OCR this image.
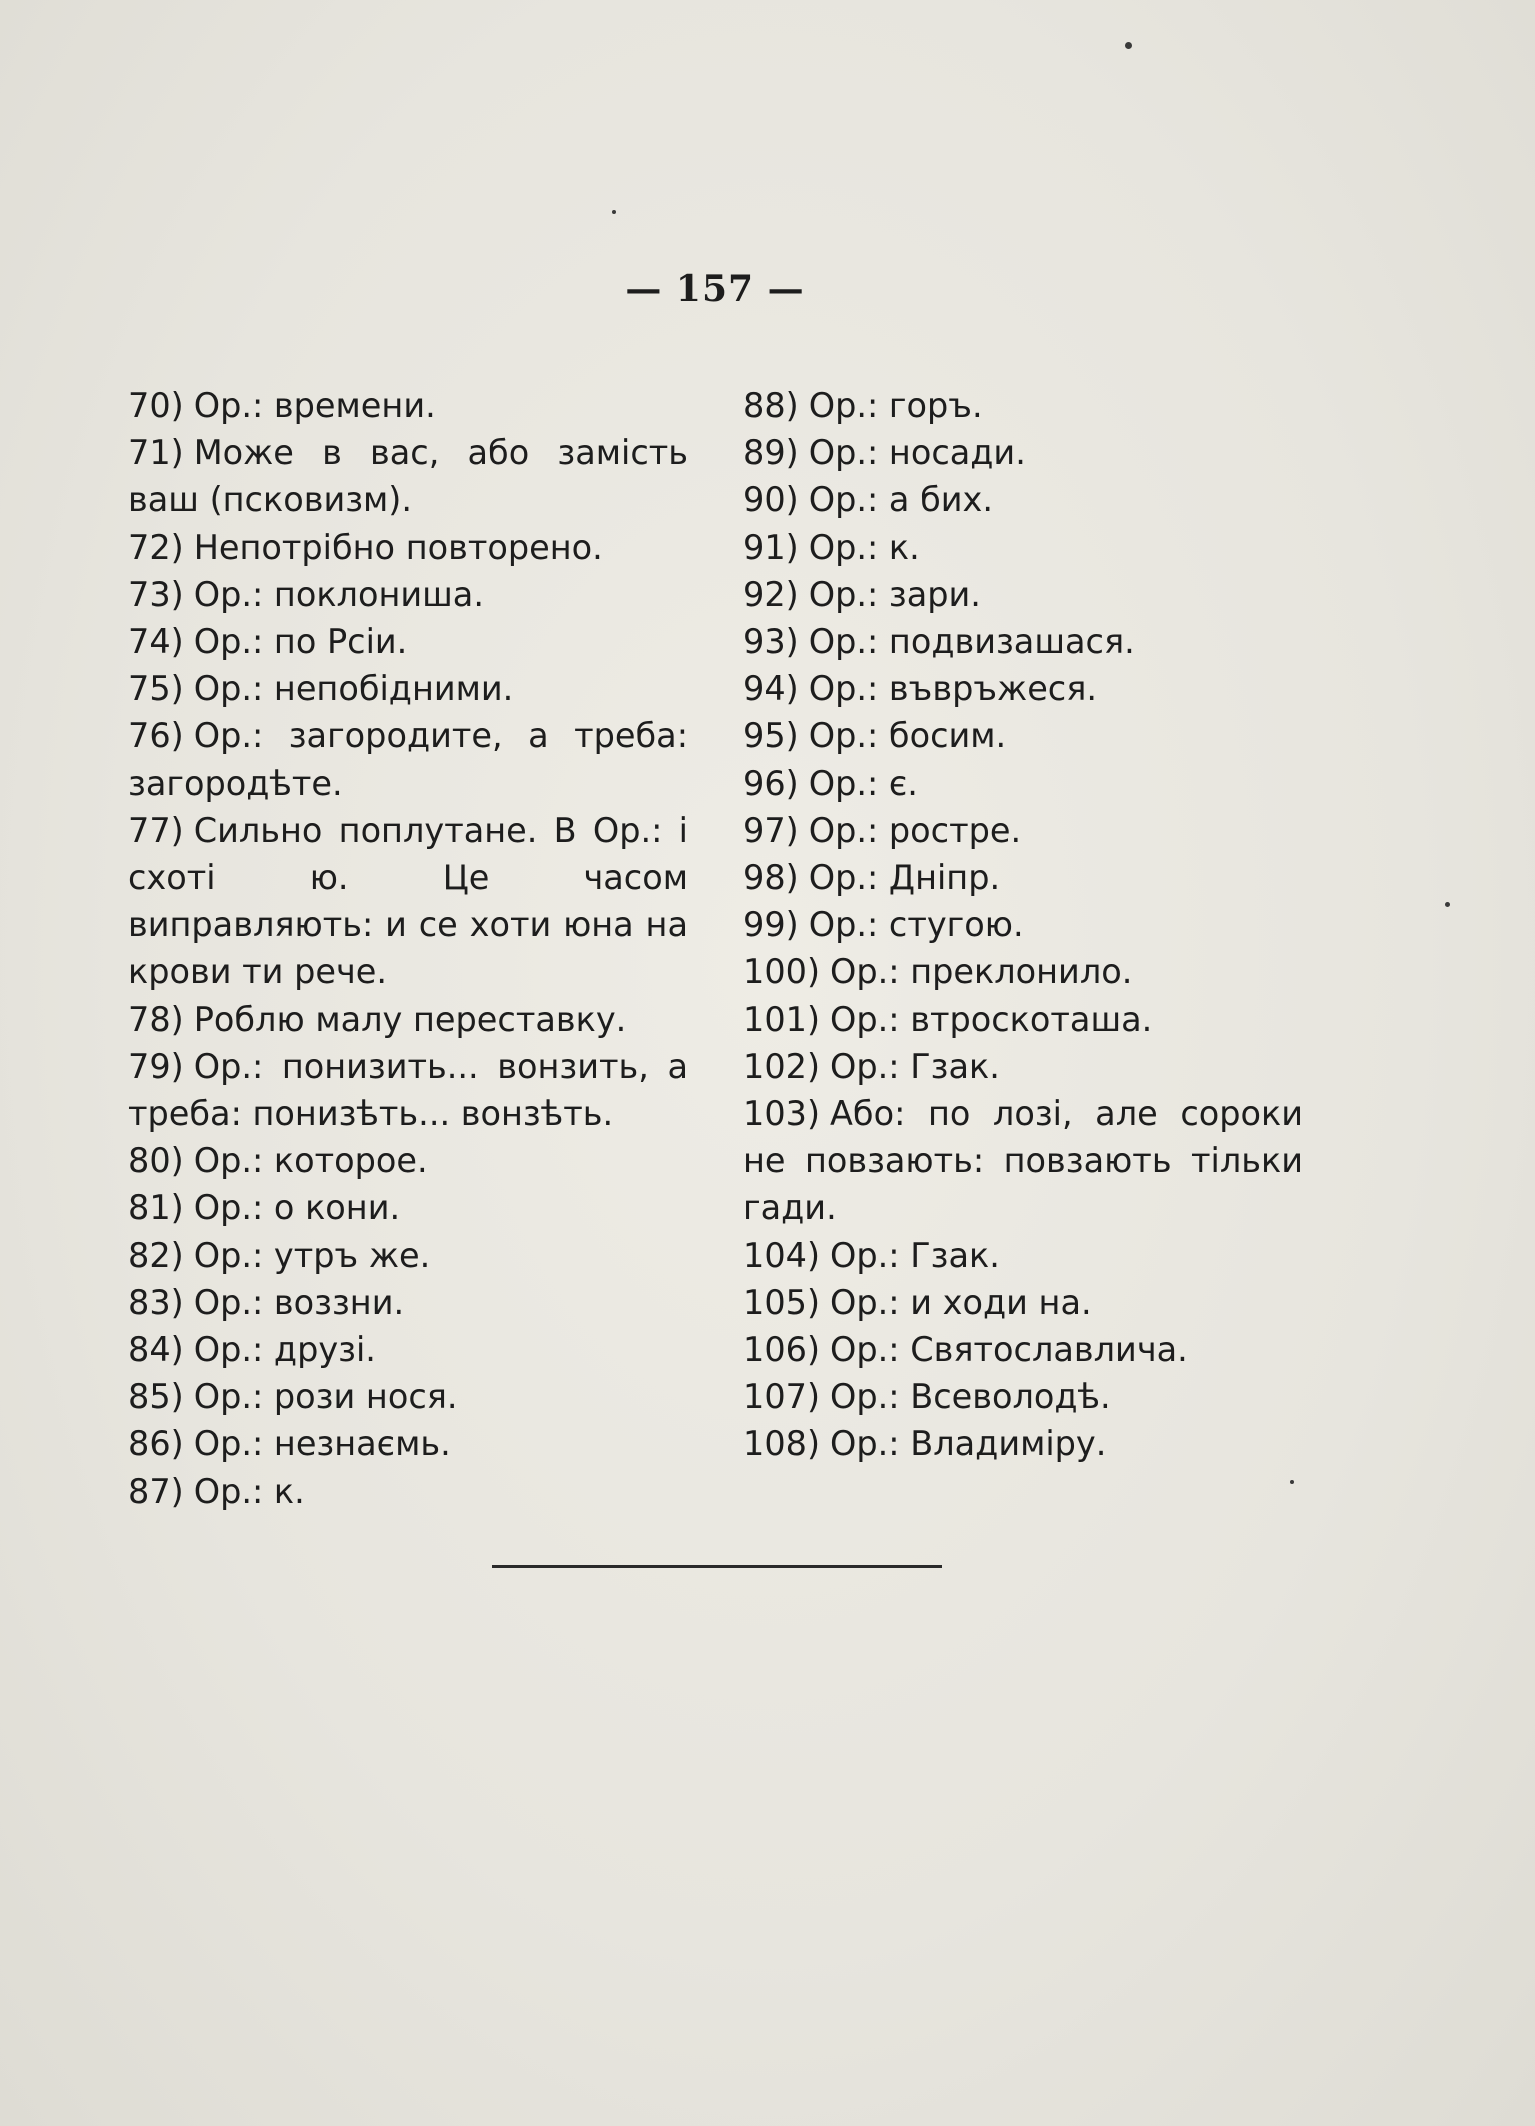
— 157 —
70) Ор.: времени.
71) Може в вас, або замість ваш (псковизм).
72) Непотрібно повторено.
73) Ор.: поклониша.
74) Ор.: по Рсіи.
75) Ор.: непобідними.
76) Ор.: загородите, а треба: загородѣте.
77) Сильно поплутане. В Ор.: і схоті ю. Це часом виправляють: и се хоти юна на крови ти рече.
78) Роблю малу переставку.
79) Ор.: понизить... вонзить, а треба: понизѣть... вонзѣть.
80) Ор.: которое.
81) Ор.: о кони.
82) Ор.: утръ же.
83) Ор.: воззни.
84) Ор.: друзі.
85) Ор.: рози нося.
86) Ор.: незнаємь.
87) Ор.: к.
88) Ор.: горъ.
89) Ор.: носади.
90) Ор.: а бих.
91) Ор.: к.
92) Ор.: зари.
93) Ор.: подвизашася.
94) Ор.: въвръжеся.
95) Ор.: босим.
96) Ор.: є.
97) Ор.: ростре.
98) Ор.: Дніпр.
99) Ор.: стугою.
100) Ор.: преклонило.
101) Ор.: втроскоташа.
102) Ор.: Гзак.
103) Або: по лозі, але сороки не повзають: повзають тільки гади.
104) Ор.: Гзак.
105) Ор.: и ходи на.
106) Ор.: Святославлича.
107) Ор.: Всеволодѣ.
108) Ор.: Владиміру.
